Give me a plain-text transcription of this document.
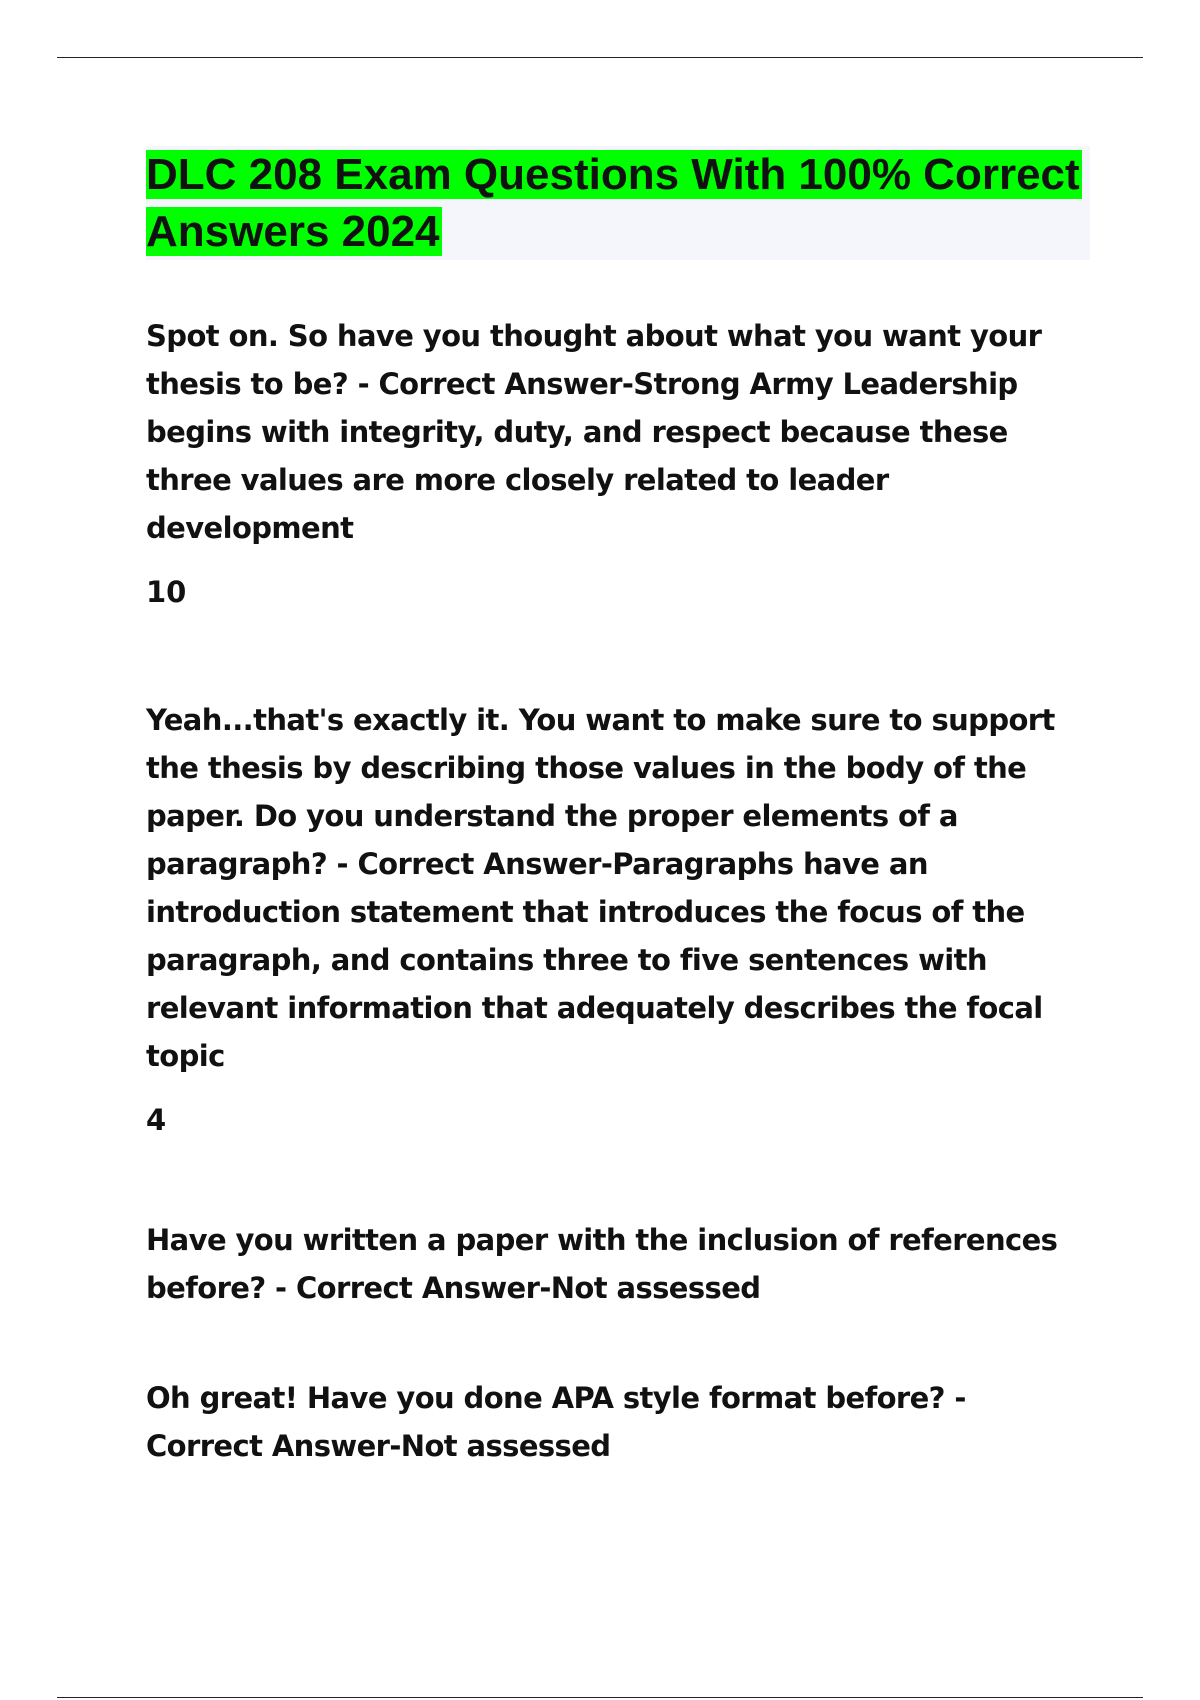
DLC 208 Exam Questions With 100% Correct Answers 2024

Spot on. So have you thought about what you want your thesis to be? - Correct Answer-Strong Army Leadership begins with integrity, duty, and respect because these three values are more closely related to leader development

10

Yeah...that's exactly it. You want to make sure to support the thesis by describing those values in the body of the paper. Do you understand the proper elements of a paragraph? - Correct Answer-Paragraphs have an introduction statement that introduces the focus of the paragraph, and contains three to five sentences with relevant information that adequately describes the focal topic

4

Have you written a paper with the inclusion of references before? - Correct Answer-Not assessed

Oh great! Have you done APA style format before? - Correct Answer-Not assessed
